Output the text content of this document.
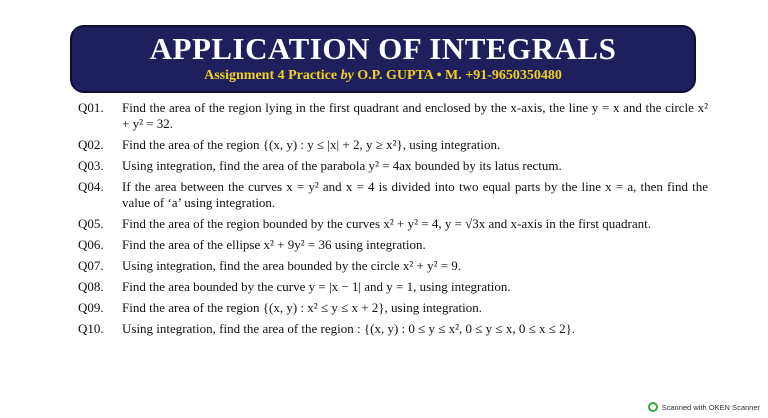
APPLICATION OF INTEGRALS
Assignment 4 Practice by O.P. GUPTA • M. +91-9650350480
Q01.	Find the area of the region lying in the first quadrant and enclosed by the x-axis, the line y = x and the circle x² + y² = 32.
Q02.	Find the area of the region {(x, y) : y ≤ |x| + 2, y ≥ x²}, using integration.
Q03.	Using integration, find the area of the parabola y² = 4ax bounded by its latus rectum.
Q04.	If the area between the curves x = y² and x = 4 is divided into two equal parts by the line x = a, then find the value of ‘a’ using integration.
Q05.	Find the area of the region bounded by the curves x² + y² = 4, y = √3x and x-axis in the first quadrant.
Q06.	Find the area of the ellipse x² + 9y² = 36 using integration.
Q07.	Using integration, find the area bounded by the circle x² + y² = 9.
Q08.	Find the area bounded by the curve y = |x − 1| and y = 1, using integration.
Q09.	Find the area of the region {(x, y) : x² ≤ y ≤ x + 2}, using integration.
Q10.	Using integration, find the area of the region : {(x, y) : 0 ≤ y ≤ x², 0 ≤ y ≤ x, 0 ≤ x ≤ 2}.
Scanned with OKEN Scanner
